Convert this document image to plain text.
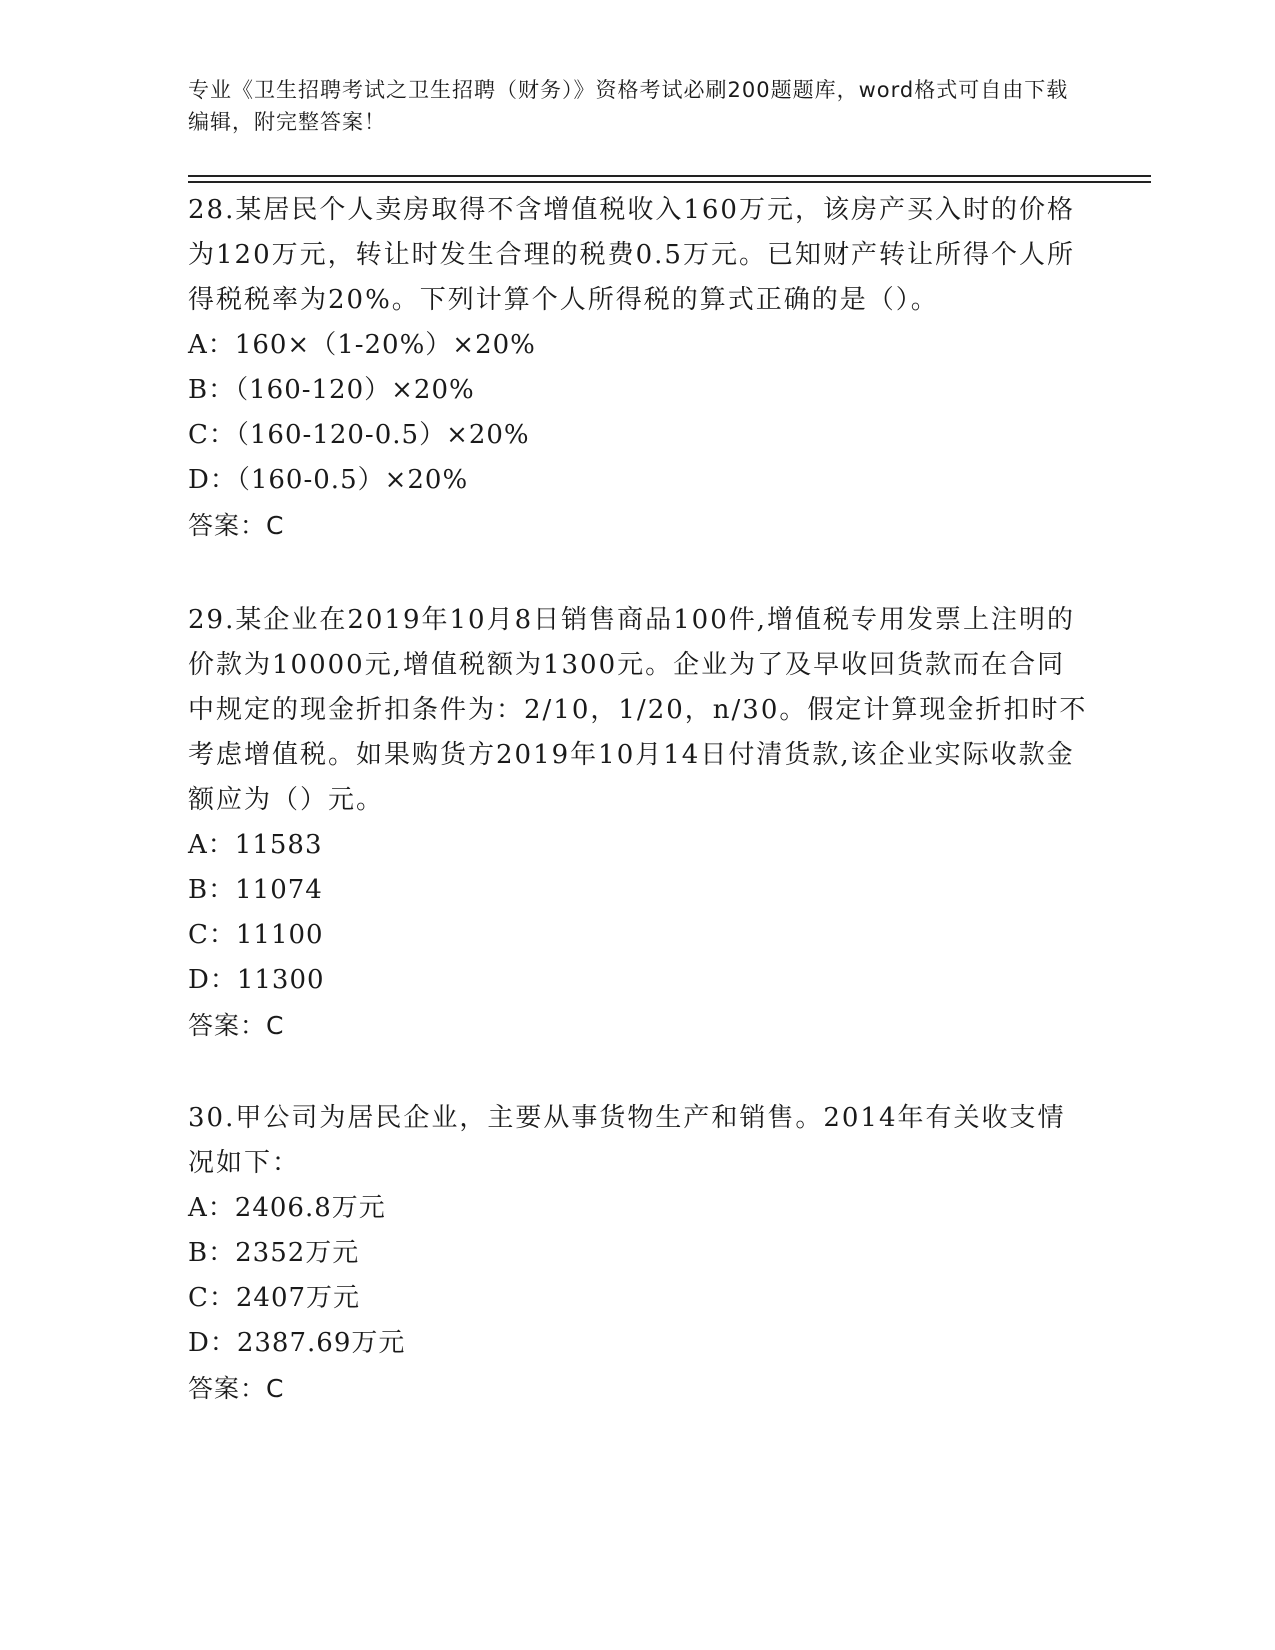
专业《卫生招聘考试之卫生招聘（财务）》资格考试必刷200题题库，word格式可自由下载编辑，附完整答案！

28.某居民个人卖房取得不含增值税收入160万元，该房产买入时的价格为120万元，转让时发生合理的税费0.5万元。已知财产转让所得个人所得税税率为20%。下列计算个人所得税的算式正确的是（）。

A：160×（1-20%）×20%

B：（160-120）×20%

C：（160-120-0.5）×20%

D：（160-0.5）×20%

答案：C

29.某企业在2019年10月8日销售商品100件,增值税专用发票上注明的价款为10000元,增值税额为1300元。企业为了及早收回货款而在合同中规定的现金折扣条件为：2/10，1/20，n/30。假定计算现金折扣时不考虑增值税。如果购货方2019年10月14日付清货款,该企业实际收款金额应为（）元。

A：11583

B：11074

C：11100

D：11300

答案：C

30.甲公司为居民企业，主要从事货物生产和销售。2014年有关收支情况如下：

A：2406.8万元

B：2352万元

C：2407万元

D：2387.69万元

答案：C
